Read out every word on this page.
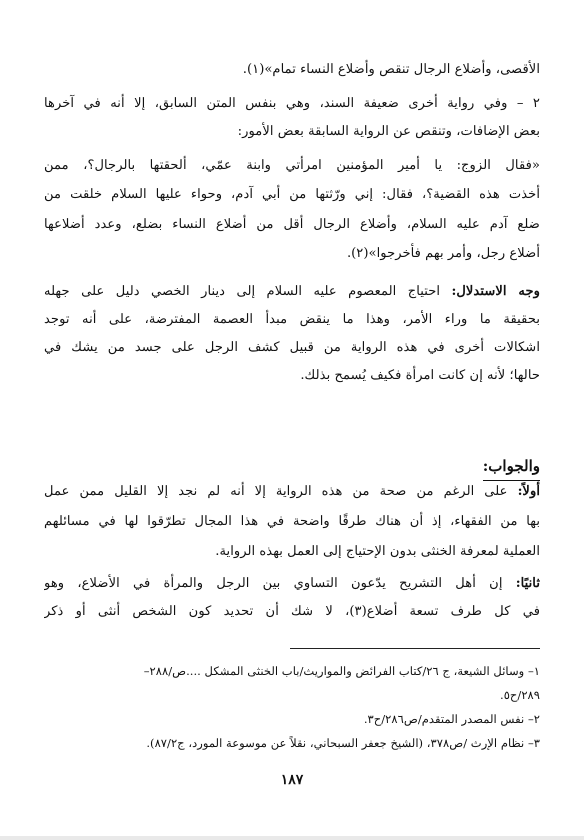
الأقصى، وأضلاع الرجال تنقص وأضلاع النساء تمام»(١).
٢ – وفي رواية أخرى ضعيفة السند، وهي بنفس المتن السابق، إلا أنه في آخرها
بعض الإضافات، وتنقص عن الرواية السابقة بعض الأمور:
«فقال الزوج: يا أمير المؤمنين امرأتي وابنة عمّي، ألحقتها بالرجال؟، ممن
أخذت هذه القضية؟، فقال: إني ورّثتها من أبي آدم، وحواء عليها السلام خلقت من
ضلع آدم عليه السلام، وأضلاع الرجال أقل من أضلاع النساء بضلع، وعدد أضلاعها
أضلاع رجل، وأمر بهم فأخرجوا»(٢).
وجه الاستدلال: احتياج المعصوم عليه السلام إلى دينار الخصي دليل على جهله
بحقيقة ما وراء الأمر، وهذا ما ينقض مبدأ العصمة المفترضة، على أنه توجد
اشكالات أخرى في هذه الرواية من قبيل كشف الرجل على جسد من يشك في
حالها؛ لأنه إن كانت امرأة فكيف يُسمح بذلك.
والجواب:
أولاً: على الرغم من صحة من هذه الرواية إلا أنه لم نجد إلا القليل ممن عمل
بها من الفقهاء، إذ أن هناك طرقًا واضحة في هذا المجال تطرّقوا لها في مسائلهم
العملية لمعرفة الخنثى بدون الإحتياج إلى العمل بهذه الرواية.
ثانيًا: إن أهل التشريح يدّعون التساوي بين الرجل والمرأة في الأضلاع، وهو
في كل طرف تسعة أضلاع(٣)، لا شك أن تحديد كون الشخص أنثى أو ذكر
١– وسائل الشيعة، ج ٢٦/كتاب الفرائض والمواريث/باب الخنثى المشكل ....ص/٢٨٨–
٢٨٩/ح٥.
٢– نفس المصدر المتقدم/ص٢٨٦/ح٣.
٣– نظام الإرث /ص٣٧٨، (الشيخ جعفر السبحاني، نقلاً عن موسوعة المورد، ج٨٧/٢).
١٨٧
